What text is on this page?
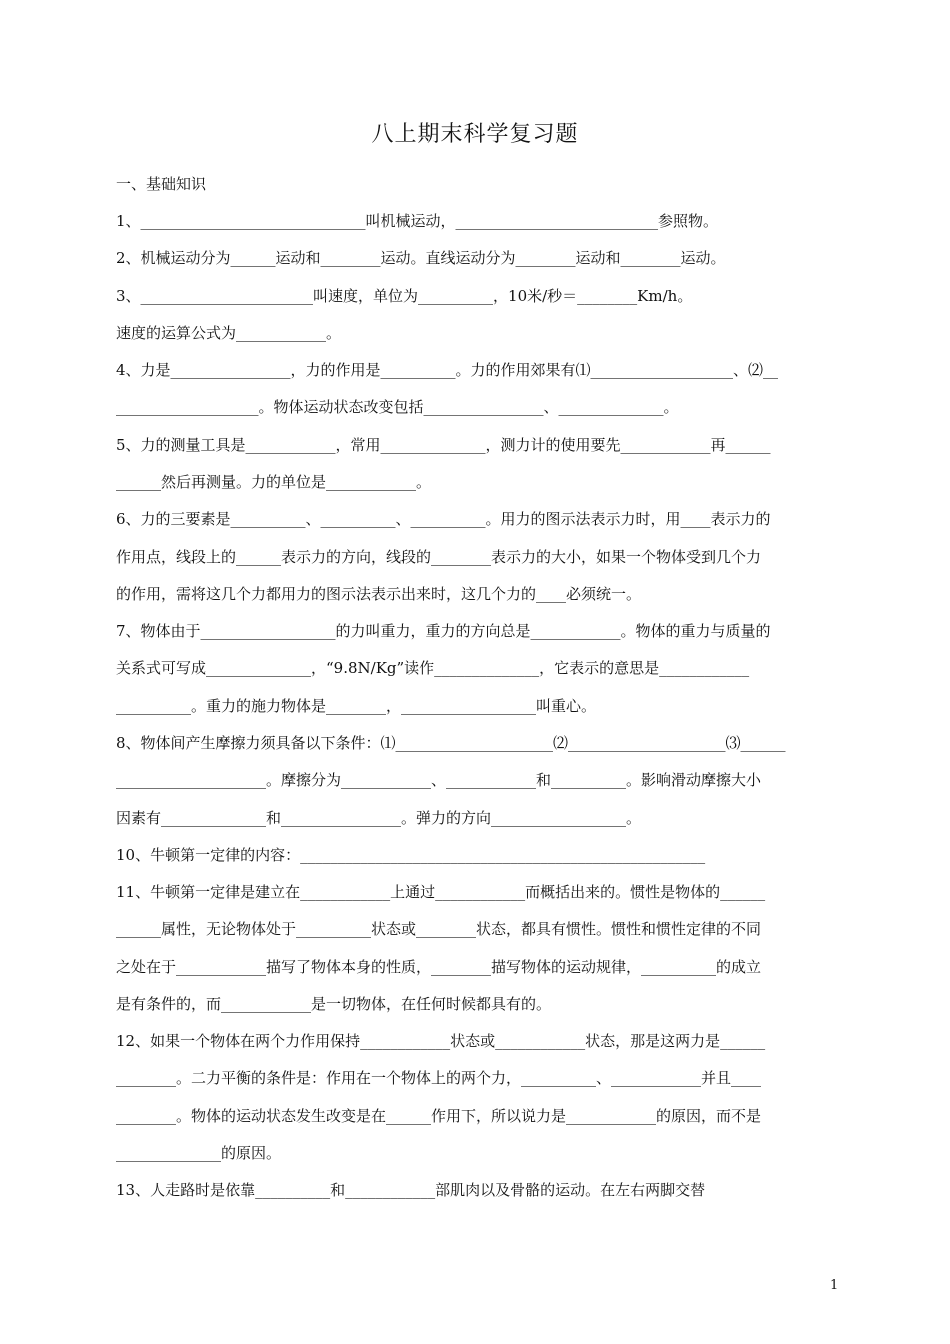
八上期末科学复习题
一、基础知识
1、______________________________叫机械运动，___________________________参照物。
2、机械运动分为______运动和________运动。直线运动分为________运动和________运动。
3、_______________________叫速度，单位为__________，10米/秒＝________Km/h。
速度的运算公式为____________。
4、力是________________，力的作用是__________。力的作用郊果有⑴___________________、⑵__
___________________。物体运动状态改变包括________________、______________。
5、力的测量工具是____________，常用______________，测力计的使用要先____________再______
______然后再测量。力的单位是____________。
6、力的三要素是__________、__________、__________。用力的图示法表示力时，用____表示力的
作用点，线段上的______表示力的方向，线段的________表示力的大小，如果一个物体受到几个力
的作用，需将这几个力都用力的图示法表示出来时，这几个力的____必须统一。
7、物体由于__________________的力叫重力，重力的方向总是____________。物体的重力与质量的
关系式可写成______________，“9.8N/Kg”读作______________，它表示的意思是____________
__________。重力的施力物体是________，__________________叫重心。
8、物体间产生摩擦力须具备以下条件：⑴_____________________⑵_____________________⑶______
____________________。摩擦分为____________、____________和__________。影响滑动摩擦大小
因素有______________和________________。弹力的方向__________________。
10、牛顿第一定律的内容：______________________________________________________
11、牛顿第一定律是建立在____________上通过____________而概括出来的。惯性是物体的______
______属性，无论物体处于__________状态或________状态，都具有惯性。惯性和惯性定律的不同
之处在于____________描写了物体本身的性质，________描写物体的运动规律，__________的成立
是有条件的，而____________是一切物体，在任何时候都具有的。
12、如果一个物体在两个力作用保持____________状态或____________状态，那是这两力是______
________。二力平衡的条件是：作用在一个物体上的两个力，__________、____________并且____
________。物体的运动状态发生改变是在______作用下，所以说力是____________的原因，而不是
______________的原因。
13、人走路时是依靠__________和____________部肌肉以及骨骼的运动。在左右两脚交替
1
